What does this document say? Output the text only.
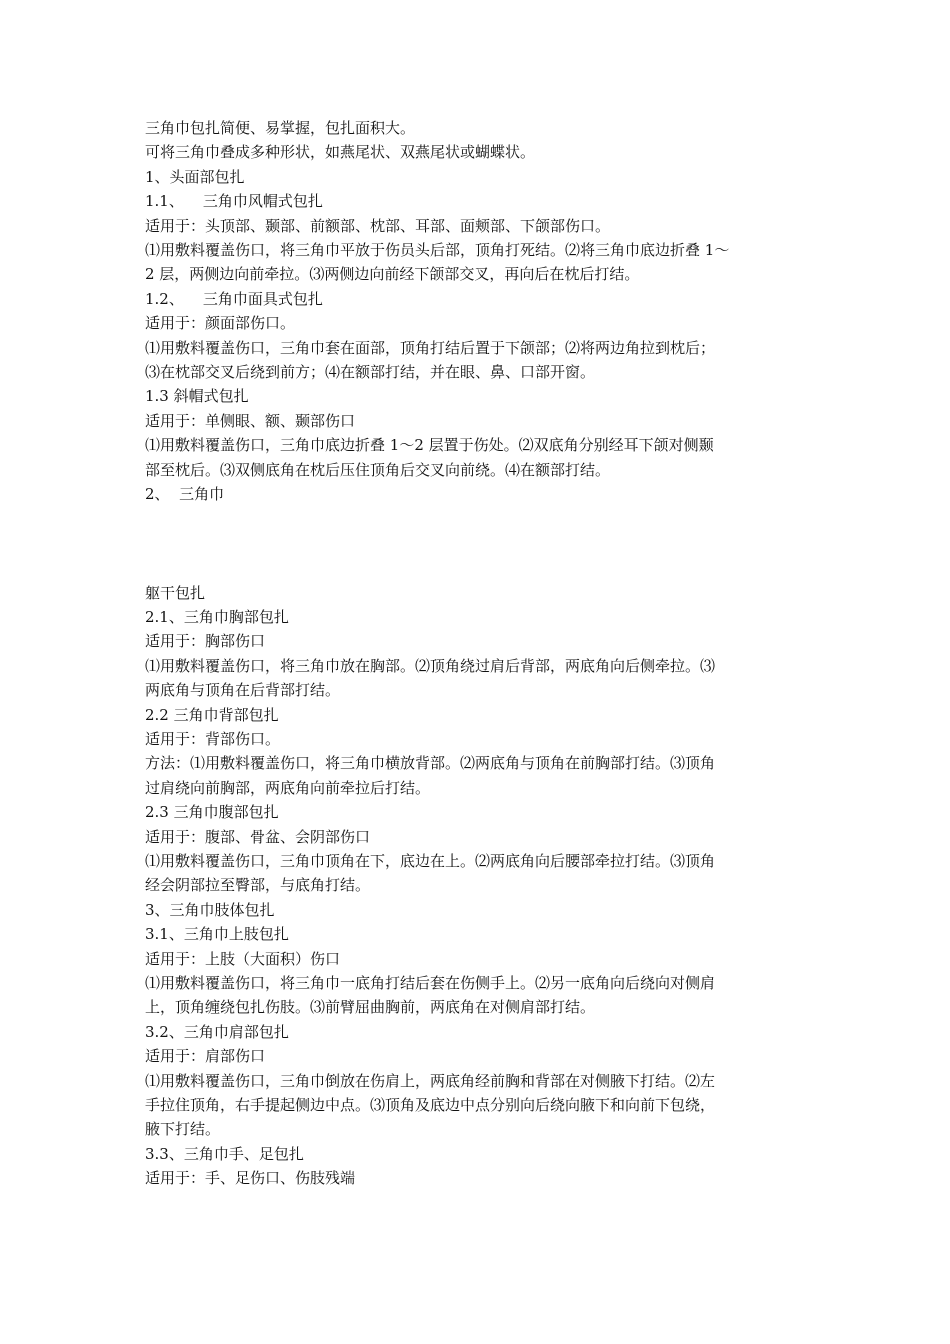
三角巾包扎简便、易掌握，包扎面积大。

可将三角巾叠成多种形状，如燕尾状、双燕尾状或蝴蝶状。

1、头面部包扎

1.1、    三角巾风帽式包扎

适用于：头顶部、颞部、前额部、枕部、耳部、面颊部、下颌部伤口。

⑴用敷料覆盖伤口，将三角巾平放于伤员头后部，顶角打死结。⑵将三角巾底边折叠 1～

2 层，两侧边向前牵拉。⑶两侧边向前经下颌部交叉，再向后在枕后打结。

1.2、    三角巾面具式包扎

适用于：颜面部伤口。

⑴用敷料覆盖伤口，三角巾套在面部，顶角打结后置于下颌部；⑵将两边角拉到枕后；

⑶在枕部交叉后绕到前方；⑷在额部打结，并在眼、鼻、口部开窗。

1.3 斜帽式包扎

适用于：单侧眼、额、颞部伤口

⑴用敷料覆盖伤口，三角巾底边折叠 1～2 层置于伤处。⑵双底角分别经耳下颌对侧颞

部至枕后。⑶双侧底角在枕后压住顶角后交叉向前绕。⑷在额部打结。

2、  三角巾

躯干包扎

2.1、三角巾胸部包扎

适用于：胸部伤口

⑴用敷料覆盖伤口，将三角巾放在胸部。⑵顶角绕过肩后背部，两底角向后侧牵拉。⑶

两底角与顶角在后背部打结。

2.2 三角巾背部包扎

适用于：背部伤口。

方法：⑴用敷料覆盖伤口，将三角巾横放背部。⑵两底角与顶角在前胸部打结。⑶顶角

过肩绕向前胸部，两底角向前牵拉后打结。

2.3 三角巾腹部包扎

适用于：腹部、骨盆、会阴部伤口

⑴用敷料覆盖伤口，三角巾顶角在下，底边在上。⑵两底角向后腰部牵拉打结。⑶顶角

经会阴部拉至臀部，与底角打结。

3、三角巾肢体包扎

3.1、三角巾上肢包扎

适用于：上肢（大面积）伤口

⑴用敷料覆盖伤口，将三角巾一底角打结后套在伤侧手上。⑵另一底角向后绕向对侧肩

上，顶角缠绕包扎伤肢。⑶前臂屈曲胸前，两底角在对侧肩部打结。

3.2、三角巾肩部包扎

适用于：肩部伤口

⑴用敷料覆盖伤口，三角巾倒放在伤肩上，两底角经前胸和背部在对侧腋下打结。⑵左

手拉住顶角，右手提起侧边中点。⑶顶角及底边中点分别向后绕向腋下和向前下包绕，

腋下打结。

3.3、三角巾手、足包扎

适用于：手、足伤口、伤肢残端
